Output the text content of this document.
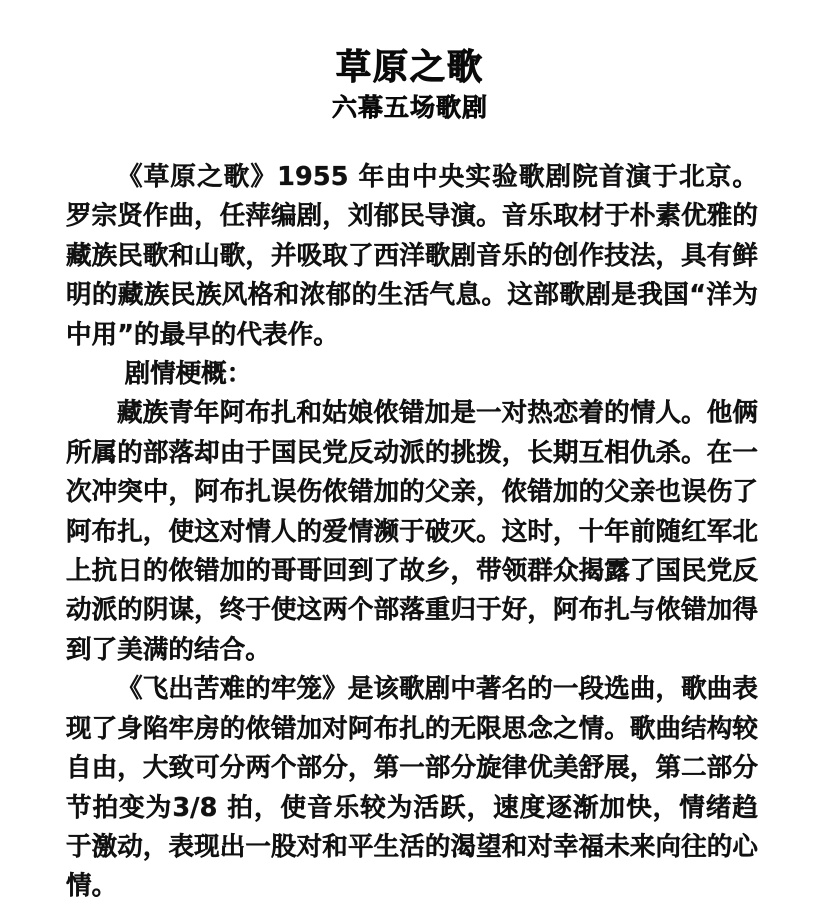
草原之歌
六幕五场歌剧

《草原之歌》1955 年由中央实验歌剧院首演于北京。罗宗贤作曲，任萍编剧，刘郁民导演。音乐取材于朴素优雅的藏族民歌和山歌，并吸取了西洋歌剧音乐的创作技法，具有鲜明的藏族民族风格和浓郁的生活气息。这部歌剧是我国“洋为中用”的最早的代表作。

剧情梗概：

藏族青年阿布扎和姑娘侬错加是一对热恋着的情人。他俩所属的部落却由于国民党反动派的挑拨，长期互相仇杀。在一次冲突中，阿布扎误伤侬错加的父亲，侬错加的父亲也误伤了阿布扎，使这对情人的爱情濒于破灭。这时，十年前随红军北上抗日的侬错加的哥哥回到了故乡，带领群众揭露了国民党反动派的阴谋，终于使这两个部落重归于好，阿布扎与侬错加得到了美满的结合。

《飞出苦难的牢笼》是该歌剧中著名的一段选曲，歌曲表现了身陷牢房的侬错加对阿布扎的无限思念之情。歌曲结构较自由，大致可分两个部分，第一部分旋律优美舒展，第二部分节拍变为3/8 拍，使音乐较为活跃，速度逐渐加快，情绪趋于激动，表现出一股对和平生活的渴望和对幸福未来向往的心情。
